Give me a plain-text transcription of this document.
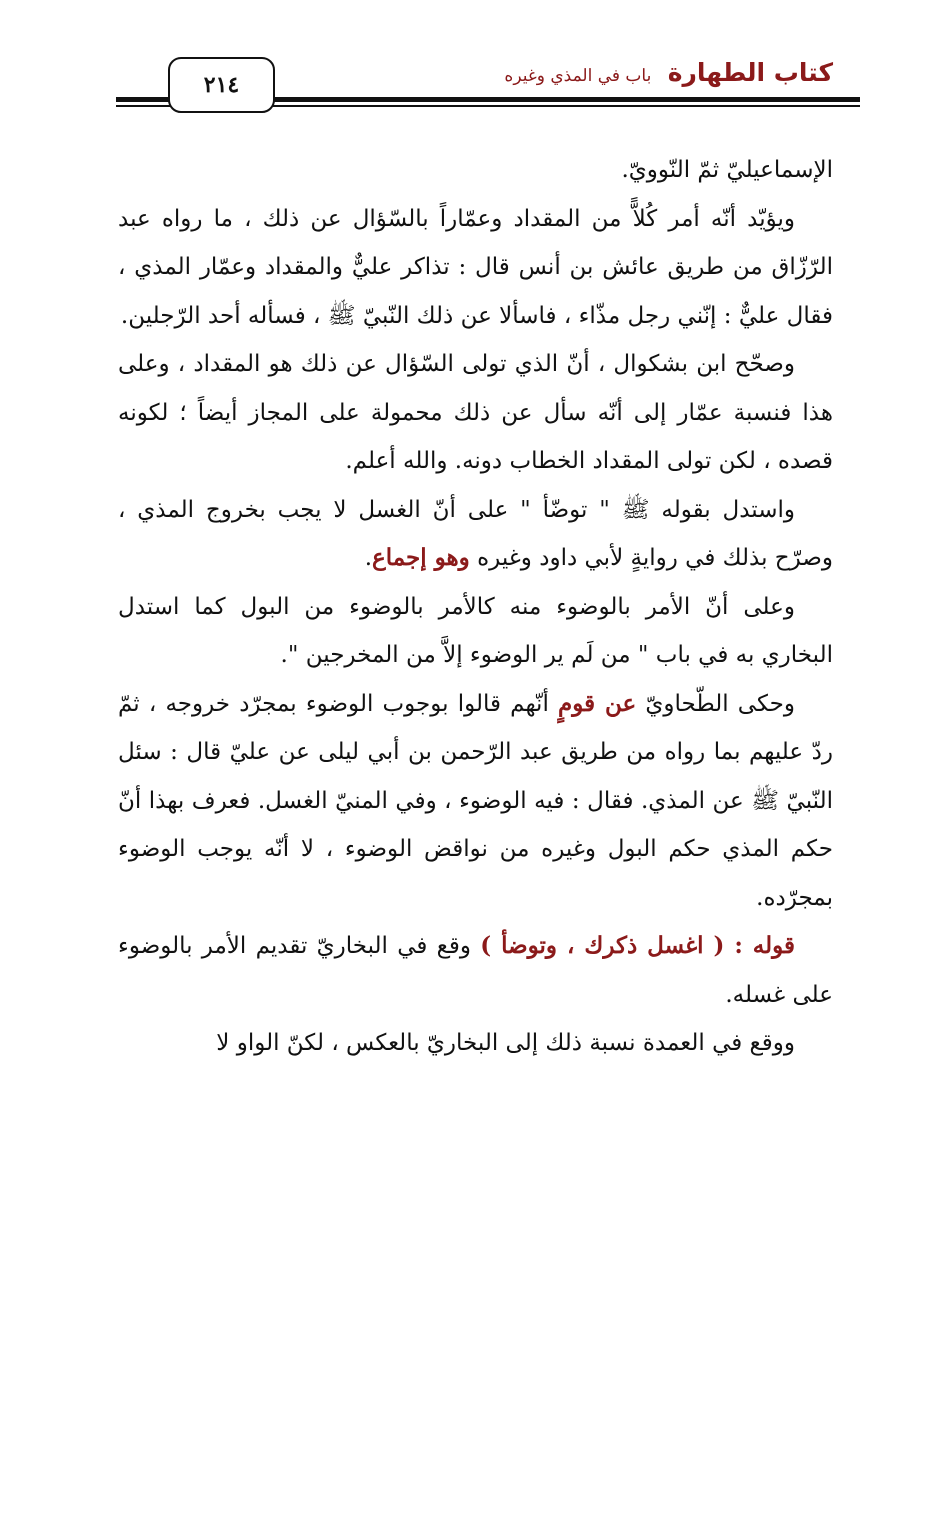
٢١٤	كتاب الطهارة باب في المذي وغيره

الإسماعيليّ ثمّ النّوويّ.

ويؤيّد أنّه أمر كُلاًّ من المقداد وعمّاراً بالسّؤال عن ذلك ، ما رواه عبد الرّزّاق من طريق عائش بن أنس قال : تذاكر عليٌّ والمقداد وعمّار المذي ، فقال عليٌّ : إنّني رجل مذّاء ، فاسألا عن ذلك النّبيّ ﷺ ، فسأله أحد الرّجلين.

وصحّح ابن بشكوال ، أنّ الذي تولى السّؤال عن ذلك هو المقداد ، وعلى هذا فنسبة عمّار إلى أنّه سأل عن ذلك محمولة على المجاز أيضاً ؛ لكونه قصده ، لكن تولى المقداد الخطاب دونه. والله أعلم.

واستدل بقوله ﷺ " توضّأ " على أنّ الغسل لا يجب بخروج المذي ، وصرّح بذلك في روايةٍ لأبي داود وغيره وهو إجماع.

وعلى أنّ الأمر بالوضوء منه كالأمر بالوضوء من البول كما استدل البخاري به في باب " من لَم ير الوضوء إلاَّ من المخرجين ".

وحكى الطّحاويّ عن قومٍ أنّهم قالوا بوجوب الوضوء بمجرّد خروجه ، ثمّ ردّ عليهم بما رواه من طريق عبد الرّحمن بن أبي ليلى عن عليّ قال : سئل النّبيّ ﷺ عن المذي. فقال : فيه الوضوء ، وفي المنيّ الغسل. فعرف بهذا أنّ حكم المذي حكم البول وغيره من نواقض الوضوء ، لا أنّه يوجب الوضوء بمجرّده.

قوله : ( اغسل ذكرك ، وتوضأ ) وقع في البخاريّ تقديم الأمر بالوضوء على غسله.

ووقع في العمدة نسبة ذلك إلى البخاريّ بالعكس ، لكنّ الواو لا
